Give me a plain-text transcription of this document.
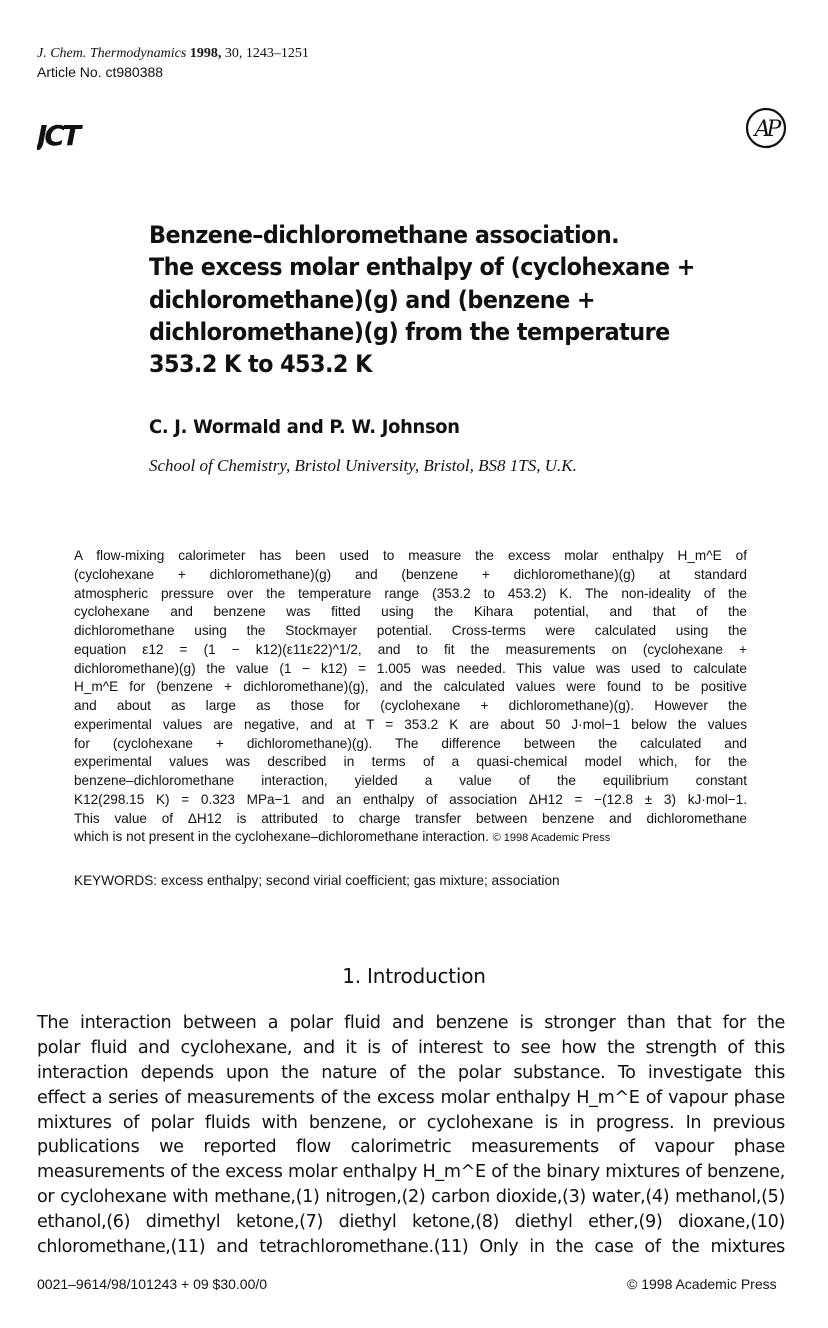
J. Chem. Thermodynamics 1998, 30, 1243–1251
Article No. ct980388
JCT	AP
Benzene–dichloromethane association.
The excess molar enthalpy of (cyclohexane +
dichloromethane)(g) and (benzene +
dichloromethane)(g) from the temperature
353.2 K to 453.2 K
C. J. Wormald and P. W. Johnson
School of Chemistry, Bristol University, Bristol, BS8 1TS, U.K.
A flow-mixing calorimeter has been used to measure the excess molar enthalpy H_m^E of
(cyclohexane + dichloromethane)(g) and (benzene + dichloromethane)(g) at standard
atmospheric pressure over the temperature range (353.2 to 453.2) K. The non-ideality of the
cyclohexane and benzene was fitted using the Kihara potential, and that of the
dichloromethane using the Stockmayer potential. Cross-terms were calculated using the
equation ε12 = (1 − k12)(ε11ε22)^1/2, and to fit the measurements on (cyclohexane +
dichloromethane)(g) the value (1 − k12) = 1.005 was needed. This value was used to calculate
H_m^E for (benzene + dichloromethane)(g), and the calculated values were found to be positive
and about as large as those for (cyclohexane + dichloromethane)(g). However the
experimental values are negative, and at T = 353.2 K are about 50 J·mol−1 below the values
for (cyclohexane + dichloromethane)(g). The difference between the calculated and
experimental values was described in terms of a quasi-chemical model which, for the
benzene–dichloromethane interaction, yielded a value of the equilibrium constant
K12(298.15 K) = 0.323 MPa−1 and an enthalpy of association ΔH12 = −(12.8 ± 3) kJ·mol−1.
This value of ΔH12 is attributed to charge transfer between benzene and dichloromethane
which is not present in the cyclohexane–dichloromethane interaction. © 1998 Academic Press
KEYWORDS: excess enthalpy; second virial coefficient; gas mixture; association
1. Introduction
The interaction between a polar fluid and benzene is stronger than that for the
polar fluid and cyclohexane, and it is of interest to see how the strength of this
interaction depends upon the nature of the polar substance. To investigate this
effect a series of measurements of the excess molar enthalpy H_m^E of vapour phase
mixtures of polar fluids with benzene, or cyclohexane is in progress. In previous
publications we reported flow calorimetric measurements of vapour phase
measurements of the excess molar enthalpy H_m^E of the binary mixtures of benzene,
or cyclohexane with methane,(1) nitrogen,(2) carbon dioxide,(3) water,(4) methanol,(5)
ethanol,(6) dimethyl ketone,(7) diethyl ketone,(8) diethyl ether,(9) dioxane,(10)
chloromethane,(11) and tetrachloromethane.(11) Only in the case of the mixtures
0021–9614/98/101243 + 09 $30.00/0	© 1998 Academic Press
